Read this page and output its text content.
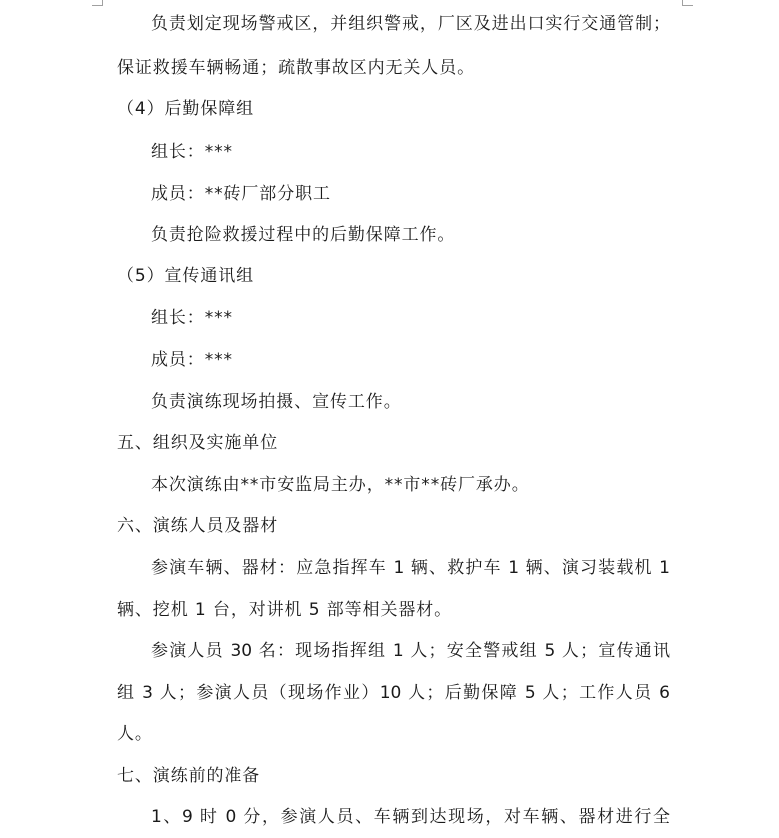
负责划定现场警戒区，并组织警戒，厂区及进出口实行交通管制；
保证救援车辆畅通；疏散事故区内无关人员。
（4）后勤保障组
组长：***
成员：**砖厂部分职工
负责抢险救援过程中的后勤保障工作。
（5）宣传通讯组
组长：***
成员：***
负责演练现场拍摄、宣传工作。
五、组织及实施单位
本次演练由**市安监局主办，**市**砖厂承办。
六、演练人员及器材
参演车辆、器材：应急指挥车 1 辆、救护车 1 辆、演习装载机 1
辆、挖机 1 台，对讲机 5 部等相关器材。
参演人员 30 名：现场指挥组 1 人；安全警戒组 5 人；宣传通讯
组 3 人；参演人员（现场作业）10 人；后勤保障 5 人；工作人员 6
人。
七、演练前的准备
1、9 时 0 分，参演人员、车辆到达现场，对车辆、器材进行全
